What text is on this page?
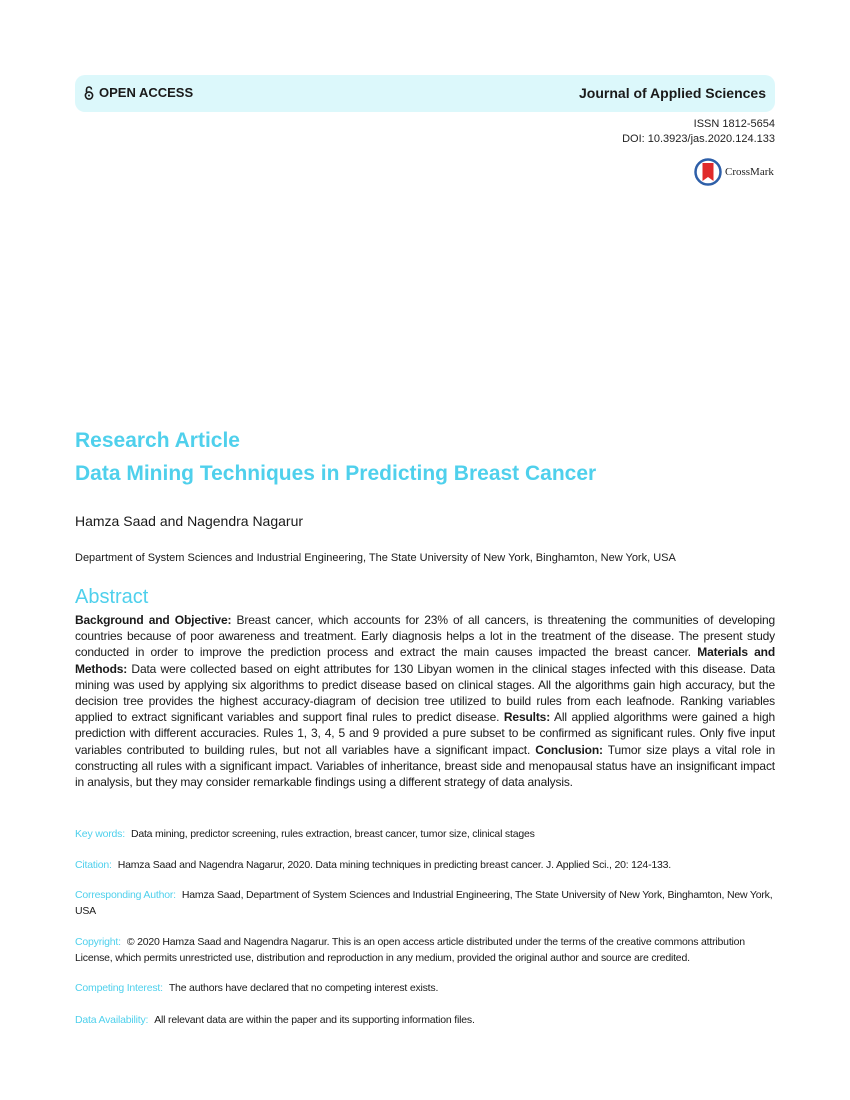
OPEN ACCESS	Journal of Applied Sciences
ISSN 1812-5654
DOI: 10.3923/jas.2020.124.133
CrossMark
Research Article
Data Mining Techniques in Predicting Breast Cancer
Hamza Saad and Nagendra Nagarur
Department of System Sciences and Industrial Engineering, The State University of New York, Binghamton, New York, USA
Abstract
Background and Objective: Breast cancer, which accounts for 23% of all cancers, is threatening the communities of developing countries because of poor awareness and treatment. Early diagnosis helps a lot in the treatment of the disease. The present study conducted in order to improve the prediction process and extract the main causes impacted the breast cancer. Materials and Methods: Data were collected based on eight attributes for 130 Libyan women in the clinical stages infected with this disease. Data mining was used by applying six algorithms to predict disease based on clinical stages. All the algorithms gain high accuracy, but the decision tree provides the highest accuracy-diagram of decision tree utilized to build rules from each leafnode. Ranking variables applied to extract significant variables and support final rules to predict disease. Results: All applied algorithms were gained a high prediction with different accuracies. Rules 1, 3, 4, 5 and 9 provided a pure subset to be confirmed as significant rules. Only five input variables contributed to building rules, but not all variables have a significant impact. Conclusion: Tumor size plays a vital role in constructing all rules with a significant impact. Variables of inheritance, breast side and menopausal status have an insignificant impact in analysis, but they may consider remarkable findings using a different strategy of data analysis.
Key words: Data mining, predictor screening, rules extraction, breast cancer, tumor size, clinical stages
Citation: Hamza Saad and Nagendra Nagarur, 2020. Data mining techniques in predicting breast cancer. J. Applied Sci., 20: 124-133.
Corresponding Author: Hamza Saad, Department of System Sciences and Industrial Engineering, The State University of New York, Binghamton, New York, USA
Copyright: © 2020 Hamza Saad and Nagendra Nagarur. This is an open access article distributed under the terms of the creative commons attribution License, which permits unrestricted use, distribution and reproduction in any medium, provided the original author and source are credited.
Competing Interest: The authors have declared that no competing interest exists.
Data Availability: All relevant data are within the paper and its supporting information files.
